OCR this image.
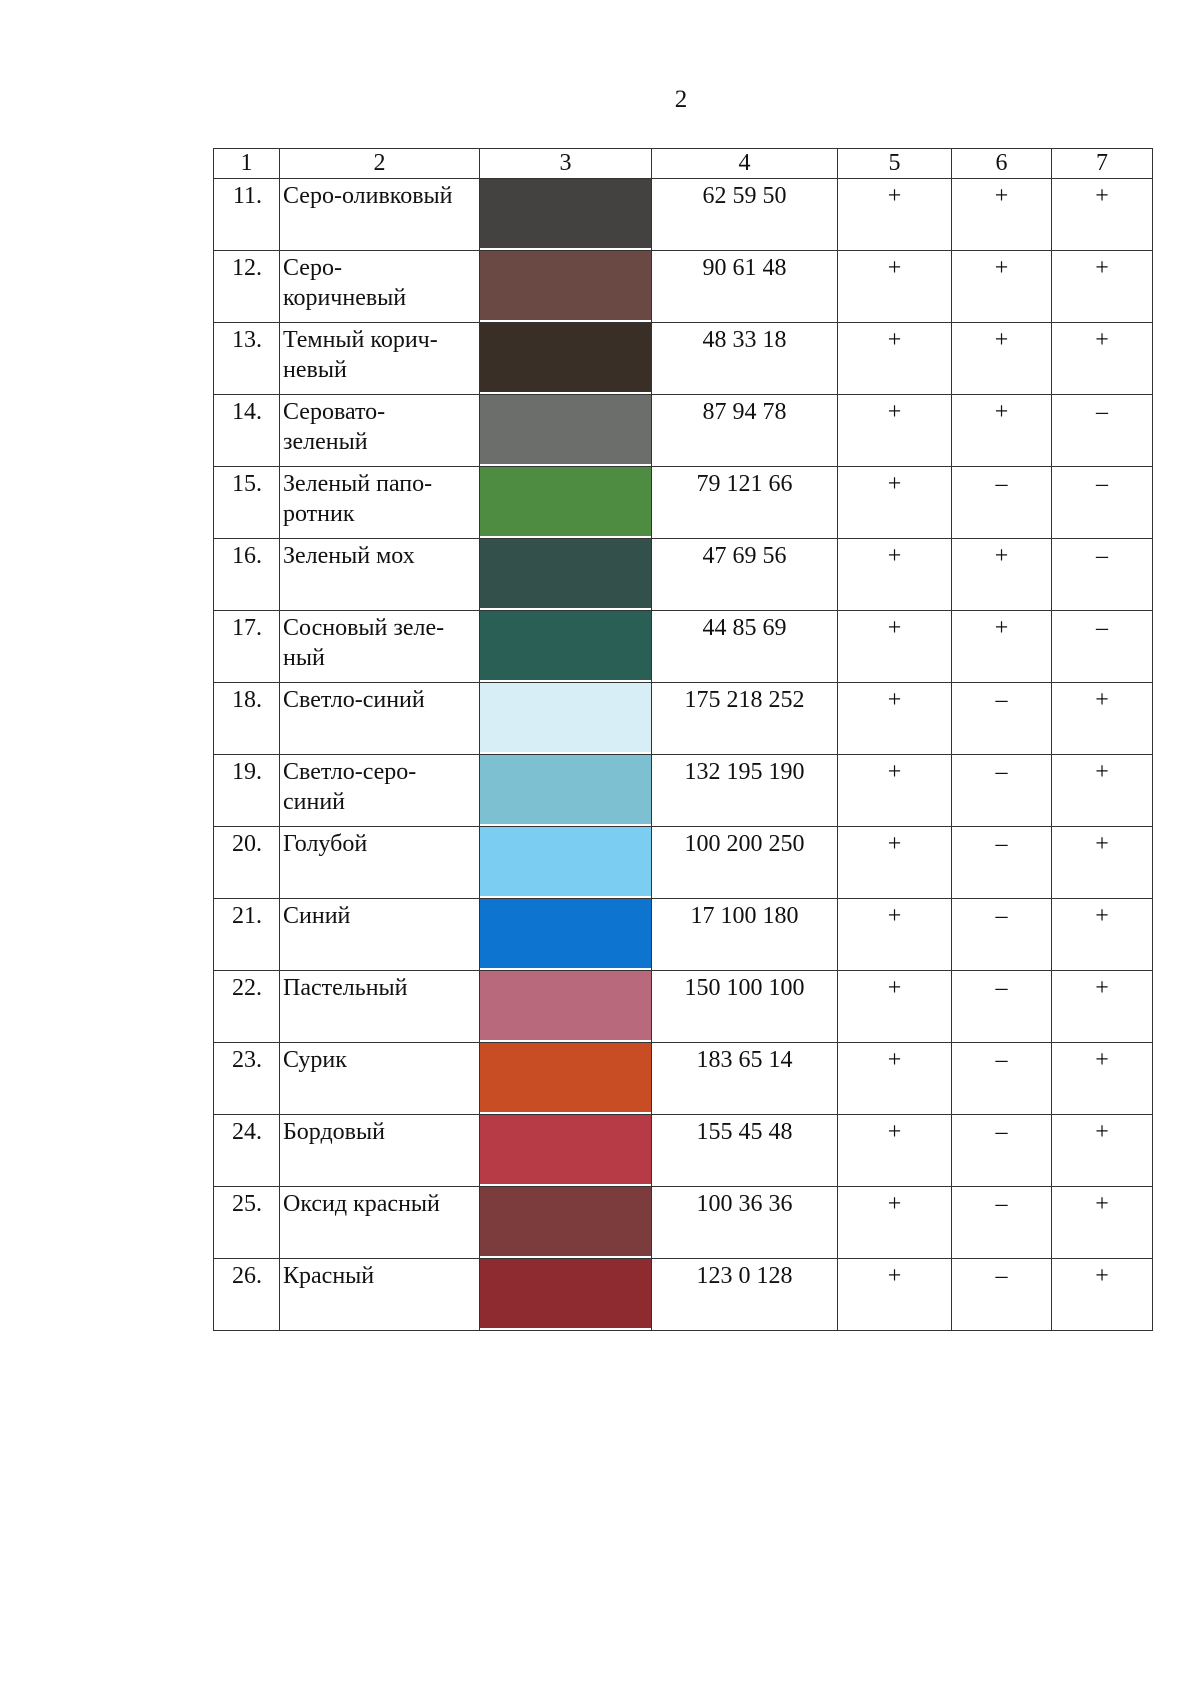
2
1	2	3	4	5	6	7
11.	Серо-оливковый		62 59 50	+	+	+
12.	Серо-
коричневый		90 61 48	+	+	+
13.	Темный корич-
невый		48 33 18	+	+	+
14.	Серовато-
зеленый		87 94 78	+	+	–
15.	Зеленый папо-
ротник		79 121 66	+	–	–
16.	Зеленый мох		47 69 56	+	+	–
17.	Сосновый зеле-
ный		44 85 69	+	+	–
18.	Светло-синий		175 218 252	+	–	+
19.	Светло-серо-
синий		132 195 190	+	–	+
20.	Голубой		100 200 250	+	–	+
21.	Синий		17 100 180	+	–	+
22.	Пастельный		150 100 100	+	–	+
23.	Сурик		183 65 14	+	–	+
24.	Бордовый		155 45 48	+	–	+
25.	Оксид красный		100 36 36	+	–	+
26.	Красный		123 0 128	+	–	+
